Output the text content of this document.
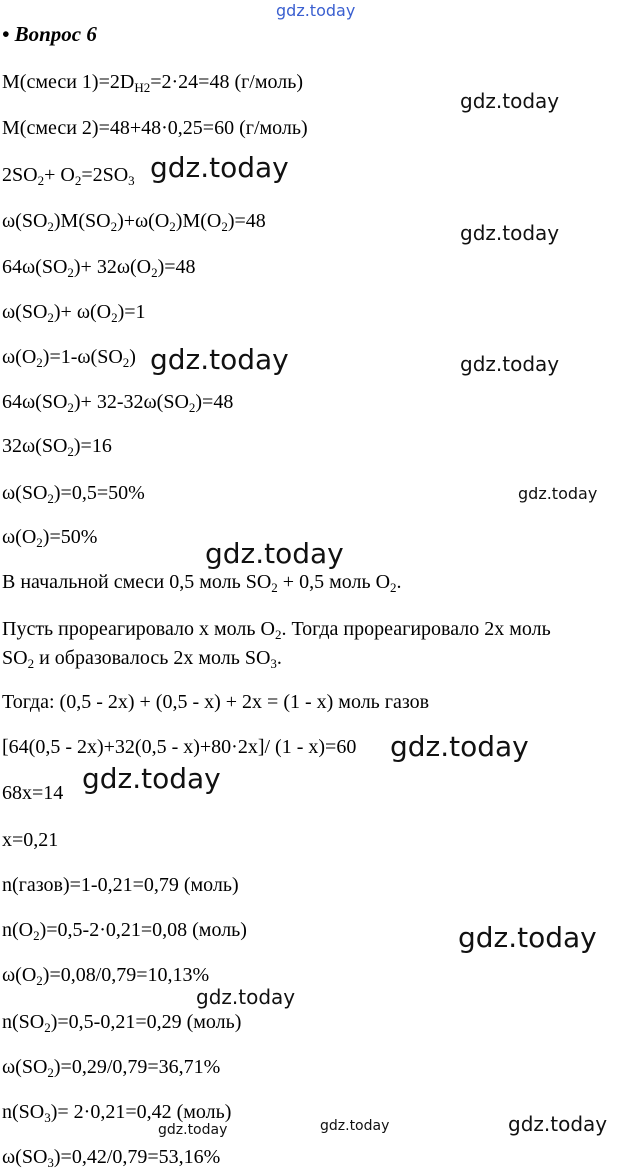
gdz.today
gdz.today
gdz.today
gdz.today
gdz.today	gdz.today
gdz.today
gdz.today
gdz.today
gdz.today
gdz.today
gdz.today
gdz.today	gdz.today
gdz.today
• Вопрос 6
М(смеси $1)=2D_{Н2}=2\cdot 24=48$ (г/моль)
М(смеси 2)=48+48·0,25=60 (г/моль)
$2SO_2+ O_2=2SO_3$
$\omega(SO_2)M(SO_2)+\omega(O_2)M(O_2)=48$
$64\omega(SO_2)+ 32\omega(O_2)=48$
$\omega(SO_2)+ \omega(O_2)=1$
$\omega(O_2)=1-\omega(SO_2)$
$64\omega(SO_2)+ 32-32\omega(SO_2)=48$
$32\omega(SO_2)=16$
$\omega(SO_2)=0,5=50\%$
$\omega(O_2)=50\%$
В начальной смеси 0,5 моль $SO_2 + 0,5$ моль $O_2$.
Пусть прореагировало x моль $O_2$. Тогда прореагировало 2x моль
$SO_2$ и образовалось 2x моль $SO_3$.
Тогда: (0,5 - 2x) + (0,5 - x) + 2x = (1 - x) моль газов
[64(0,5 - 2x)+32(0,5 - x)+80·2x]/ (1 - x)=60
68x=14
x=0,21
n(газов)=1-0,21=0,79 (моль)
$n(O_2)=0,5-2\cdot 0,21=0,08$ (моль)
$\omega(O_2)=0,08/0,79=10,13\%$
$n(SO_2)=0,5-0,21=0,29$ (моль)
$\omega(SO_2)=0,29/0,79=36,71\%$
$n(SO_3)= 2\cdot 0,21=0,42$ (моль)
$\omega(SO_3)=0,42/0,79=53,16\%$
